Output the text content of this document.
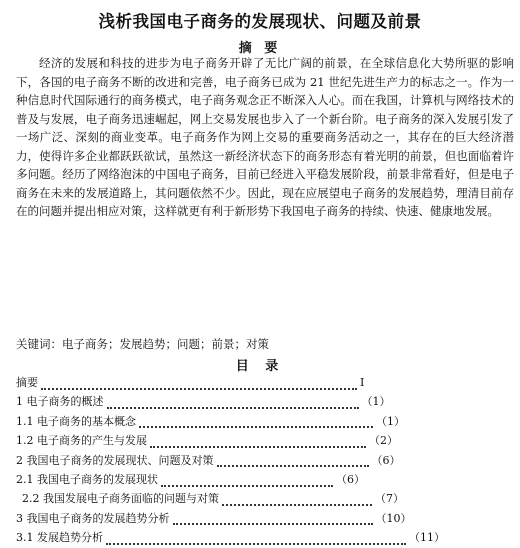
浅析我国电子商务的发展现状、问题及前景
摘 要

经济的发展和科技的进步为电子商务开辟了无比广阔的前景，在全球信息化大势所驱的影响下，各国的电子商务不断的改进和完善，电子商务已成为 21 世纪先进生产力的标志之一。作为一种信息时代国际通行的商务模式，电子商务观念正不断深入人心。而在我国，计算机与网络技术的普及与发展，电子商务迅速崛起，网上交易发展也步入了一个新台阶。电子商务的深入发展引发了一场广泛、深刻的商业变革。电子商务作为网上交易的重要商务活动之一，其存在的巨大经济潜力，使得许多企业都跃跃欲试，虽然这一新经济状态下的商务形态有着光明的前景，但也面临着许多问题。经历了网络泡沫的中国电子商务，目前已经进入平稳发展阶段，前景非常看好，但是电子商务在未来的发展道路上，其问题依然不少。因此，现在应展望电子商务的发展趋势，理清目前存在的问题并提出相应对策，这样就更有利于新形势下我国电子商务的持续、快速、健康地发展。

关键词：电子商务；发展趋势；问题；前景；对策

目 录
摘要	I
1 电子商务的概述	（1）
1.1 电子商务的基本概念	（1）
1.2 电子商务的产生与发展	（2）
2 我国电子商务的发展现状、问题及对策	（6）
2.1 我国电子商务的发展现状	（6）
2.2 我国发展电子商务面临的问题与对策	（7）
3 我国电子商务的发展趋势分析	（10）
3.1 发展趋势分析	（11）
